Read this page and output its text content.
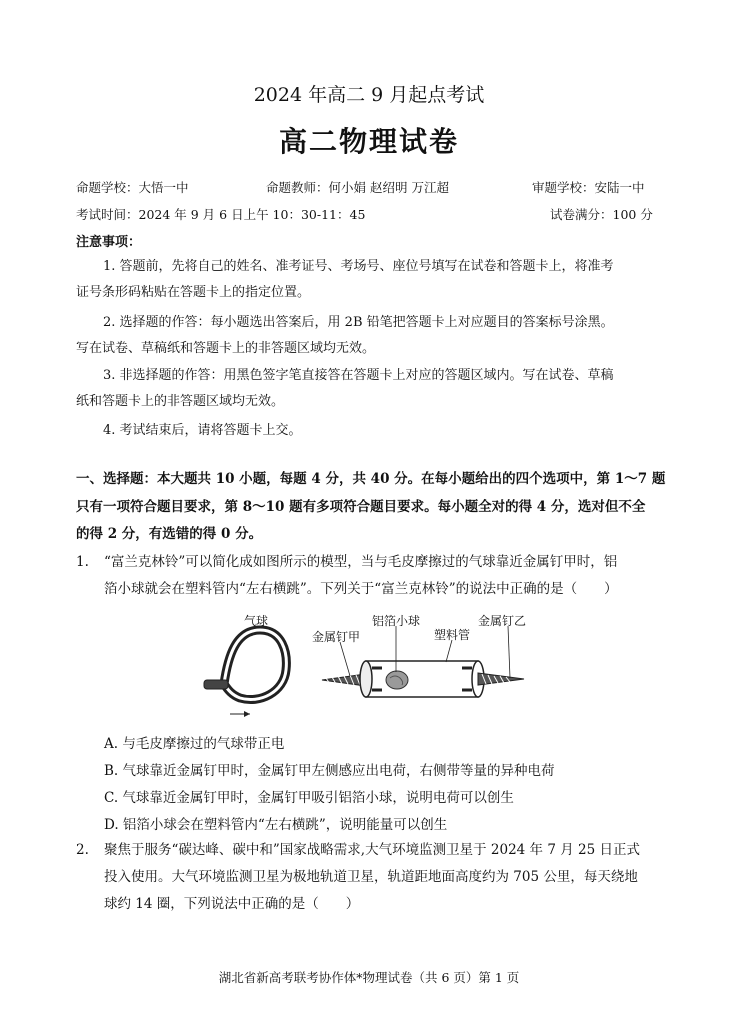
2024 年高二 9 月起点考试
高二物理试卷
命题学校：大悟一中	命题教师：何小娟 赵绍明 万江超	审题学校：安陆一中
考试时间：2024 年 9 月 6 日上午 10：30-11：45	试卷满分：100 分
注意事项：
1. 答题前，先将自己的姓名、准考证号、考场号、座位号填写在试卷和答题卡上，将准考
证号条形码粘贴在答题卡上的指定位置。
2. 选择题的作答：每小题选出答案后，用 2B 铅笔把答题卡上对应题目的答案标号涂黑。
写在试卷、草稿纸和答题卡上的非答题区域均无效。
3. 非选择题的作答：用黑色签字笔直接答在答题卡上对应的答题区域内。写在试卷、草稿
纸和答题卡上的非答题区域均无效。
4. 考试结束后，请将答题卡上交。
一、选择题：本大题共 10 小题，每题 4 分，共 40 分。在每小题给出的四个选项中，第 1～7 题
只有一项符合题目要求，第 8～10 题有多项符合题目要求。每小题全对的得 4 分，选对但不全
的得 2 分，有选错的得 0 分。
1. “富兰克林铃”可以简化成如图所示的模型，当与毛皮摩擦过的气球靠近金属钉甲时，铝
箔小球就会在塑料管内“左右横跳”。下列关于“富兰克林铃”的说法中正确的是（　　）
气球	铝箔小球
塑料管
金属钉乙
金属钉甲
A. 与毛皮摩擦过的气球带正电
B. 气球靠近金属钉甲时，金属钉甲左侧感应出电荷，右侧带等量的异种电荷
C. 气球靠近金属钉甲时，金属钉甲吸引铝箔小球，说明电荷可以创生
D. 铝箔小球会在塑料管内“左右横跳”，说明能量可以创生
2. 聚焦于服务“碳达峰、碳中和”国家战略需求,大气环境监测卫星于 2024 年 7 月 25 日正式
投入使用。大气环境监测卫星为极地轨道卫星，轨道距地面高度约为 705 公里，每天绕地
球约 14 圈，下列说法中正确的是（　　）
湖北省新高考联考协作体*物理试卷（共 6 页）第 1 页
